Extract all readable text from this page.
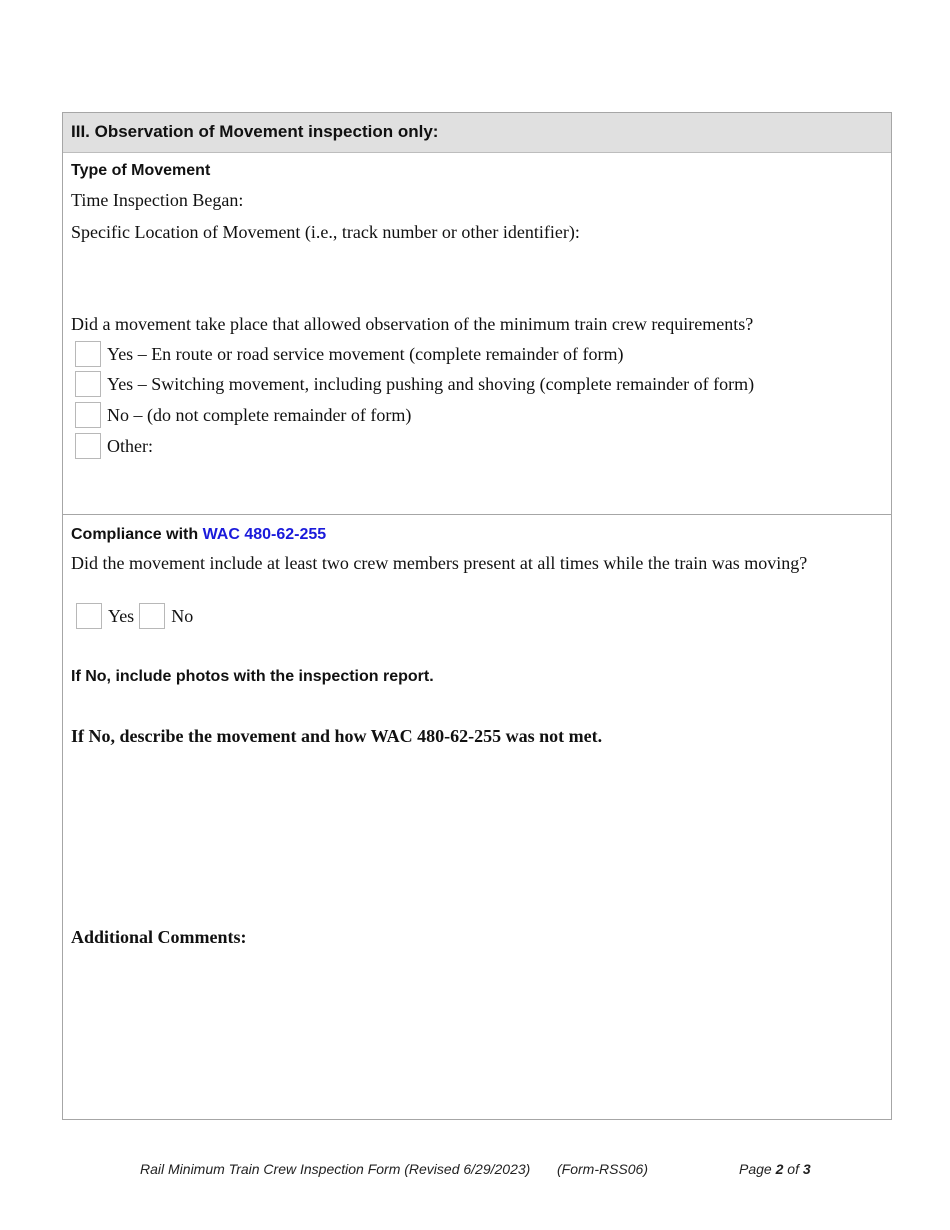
III. Observation of Movement inspection only:
Type of Movement
Time Inspection Began:
Specific Location of Movement (i.e., track number or other identifier):
Did a movement take place that allowed observation of the minimum train crew requirements?
Yes – En route or road service movement (complete remainder of form)
Yes – Switching movement, including pushing and shoving (complete remainder of form)
No – (do not complete remainder of form)
Other:
Compliance with WAC 480-62-255
Did the movement include at least two crew members present at all times while the train was moving?
Yes No
If No, include photos with the inspection report.
If No, describe the movement and how WAC 480-62-255 was not met.
Additional Comments:
Rail Minimum Train Crew Inspection Form (Revised 6/29/2023) (Form-RSS06)	Page 2 of 3
